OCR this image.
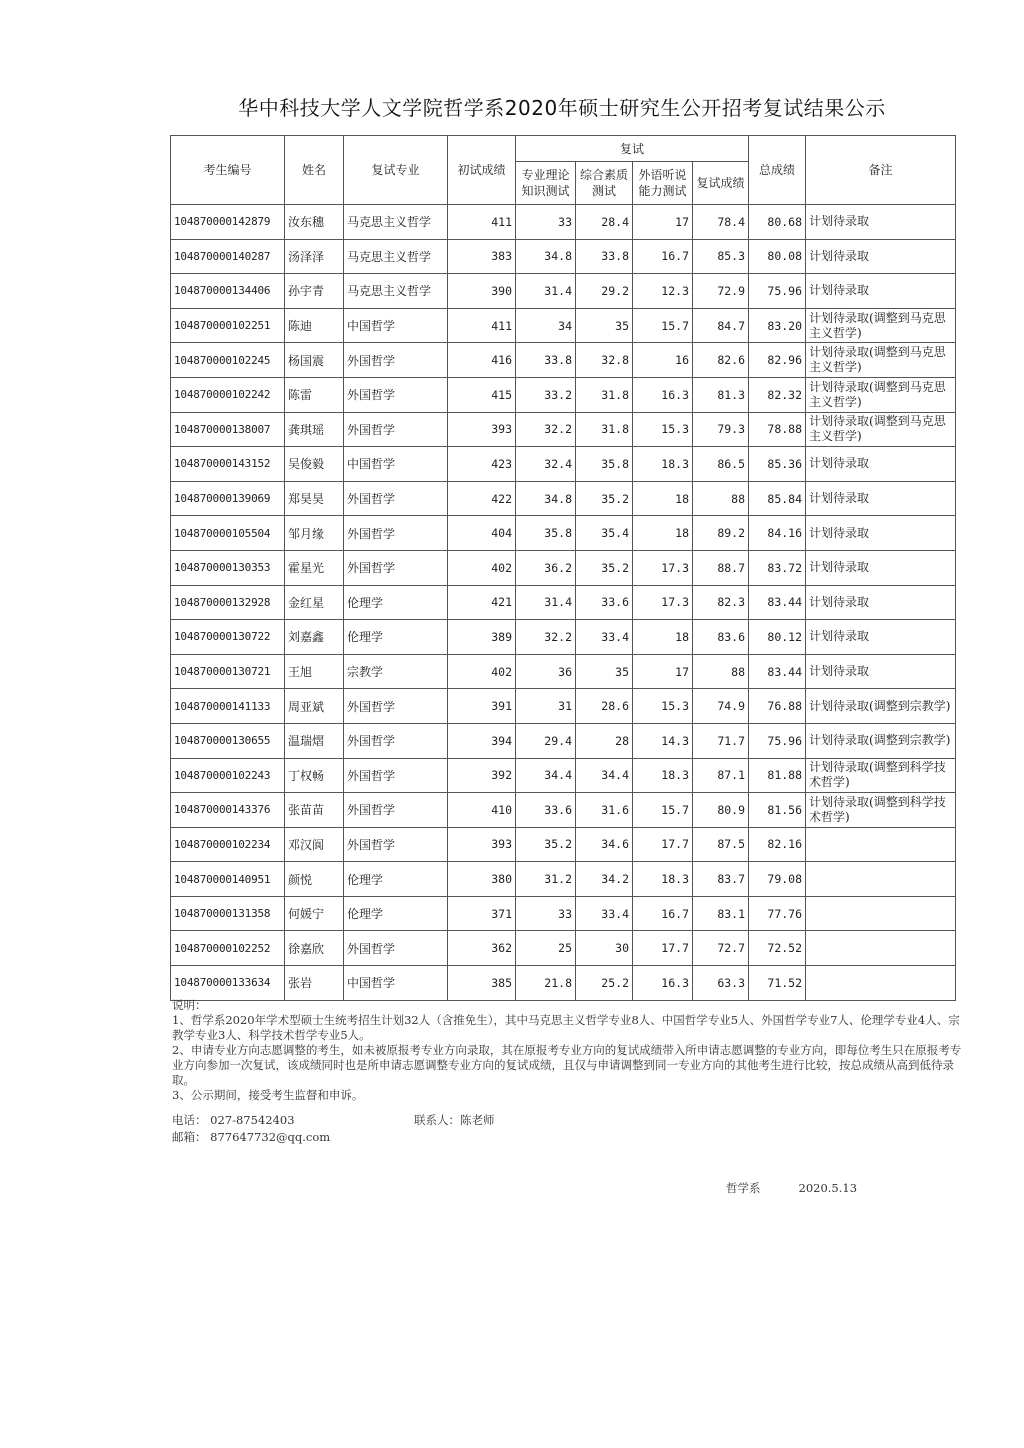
华中科技大学人文学院哲学系2020年硕士研究生公开招考复试结果公示
考生编号	姓名	复试专业	初试成绩	复试				总成绩	备注
				专业理论知识测试	综合素质测试	外语听说能力测试	复试成绩		
104870000142879	汝东穗	马克思主义哲学	411	33	28.4	17	78.4	80.68	计划待录取
104870000140287	汤泽泽	马克思主义哲学	383	34.8	33.8	16.7	85.3	80.08	计划待录取
104870000134406	孙宇青	马克思主义哲学	390	31.4	29.2	12.3	72.9	75.96	计划待录取
104870000102251	陈迪	中国哲学	411	34	35	15.7	84.7	83.20	计划待录取(调整到马克思主义哲学)
104870000102245	杨国震	外国哲学	416	33.8	32.8	16	82.6	82.96	计划待录取(调整到马克思主义哲学)
104870000102242	陈雷	外国哲学	415	33.2	31.8	16.3	81.3	82.32	计划待录取(调整到马克思主义哲学)
104870000138007	龚琪瑶	外国哲学	393	32.2	31.8	15.3	79.3	78.88	计划待录取(调整到马克思主义哲学)
104870000143152	吴俊毅	中国哲学	423	32.4	35.8	18.3	86.5	85.36	计划待录取
104870000139069	郑昊昊	外国哲学	422	34.8	35.2	18	88	85.84	计划待录取
104870000105504	邹月缘	外国哲学	404	35.8	35.4	18	89.2	84.16	计划待录取
104870000130353	霍星光	外国哲学	402	36.2	35.2	17.3	88.7	83.72	计划待录取
104870000132928	金红星	伦理学	421	31.4	33.6	17.3	82.3	83.44	计划待录取
104870000130722	刘嘉鑫	伦理学	389	32.2	33.4	18	83.6	80.12	计划待录取
104870000130721	王旭	宗教学	402	36	35	17	88	83.44	计划待录取
104870000141133	周亚斌	外国哲学	391	31	28.6	15.3	74.9	76.88	计划待录取(调整到宗教学)
104870000130655	温瑞熠	外国哲学	394	29.4	28	14.3	71.7	75.96	计划待录取(调整到宗教学)
104870000102243	丁权畅	外国哲学	392	34.4	34.4	18.3	87.1	81.88	计划待录取(调整到科学技术哲学)
104870000143376	张苗苗	外国哲学	410	33.6	31.6	15.7	80.9	81.56	计划待录取(调整到科学技术哲学)
104870000102234	邓汉阆	外国哲学	393	35.2	34.6	17.7	87.5	82.16	
104870000140951	颜悦	伦理学	380	31.2	34.2	18.3	83.7	79.08	
104870000131358	何媛宁	伦理学	371	33	33.4	16.7	83.1	77.76	
104870000102252	徐嘉欣	外国哲学	362	25	30	17.7	72.7	72.52	
104870000133634	张岩	中国哲学	385	21.8	25.2	16.3	63.3	71.52	

说明：

1、哲学系2020年学术型硕士生统考招生计划32人（含推免生），其中马克思主义哲学专业8人、中国哲学专业5人、外国哲学专业7人、伦理学专业4人、宗教学专业3人、科学技术哲学专业5人。

2、申请专业方向志愿调整的考生，如未被原报考专业方向录取，其在原报考专业方向的复试成绩带入所申请志愿调整的专业方向，即每位考生只在原报考专业方向参加一次复试，该成绩同时也是所申请志愿调整专业方向的复试成绩，且仅与申请调整到同一专业方向的其他考生进行比较，按总成绩从高到低待录取。

3、公示期间，接受考生监督和申诉。

电话： 027-87542403	联系人：陈老师
邮箱： 877647732@qq.com
哲学系	2020.5.13
